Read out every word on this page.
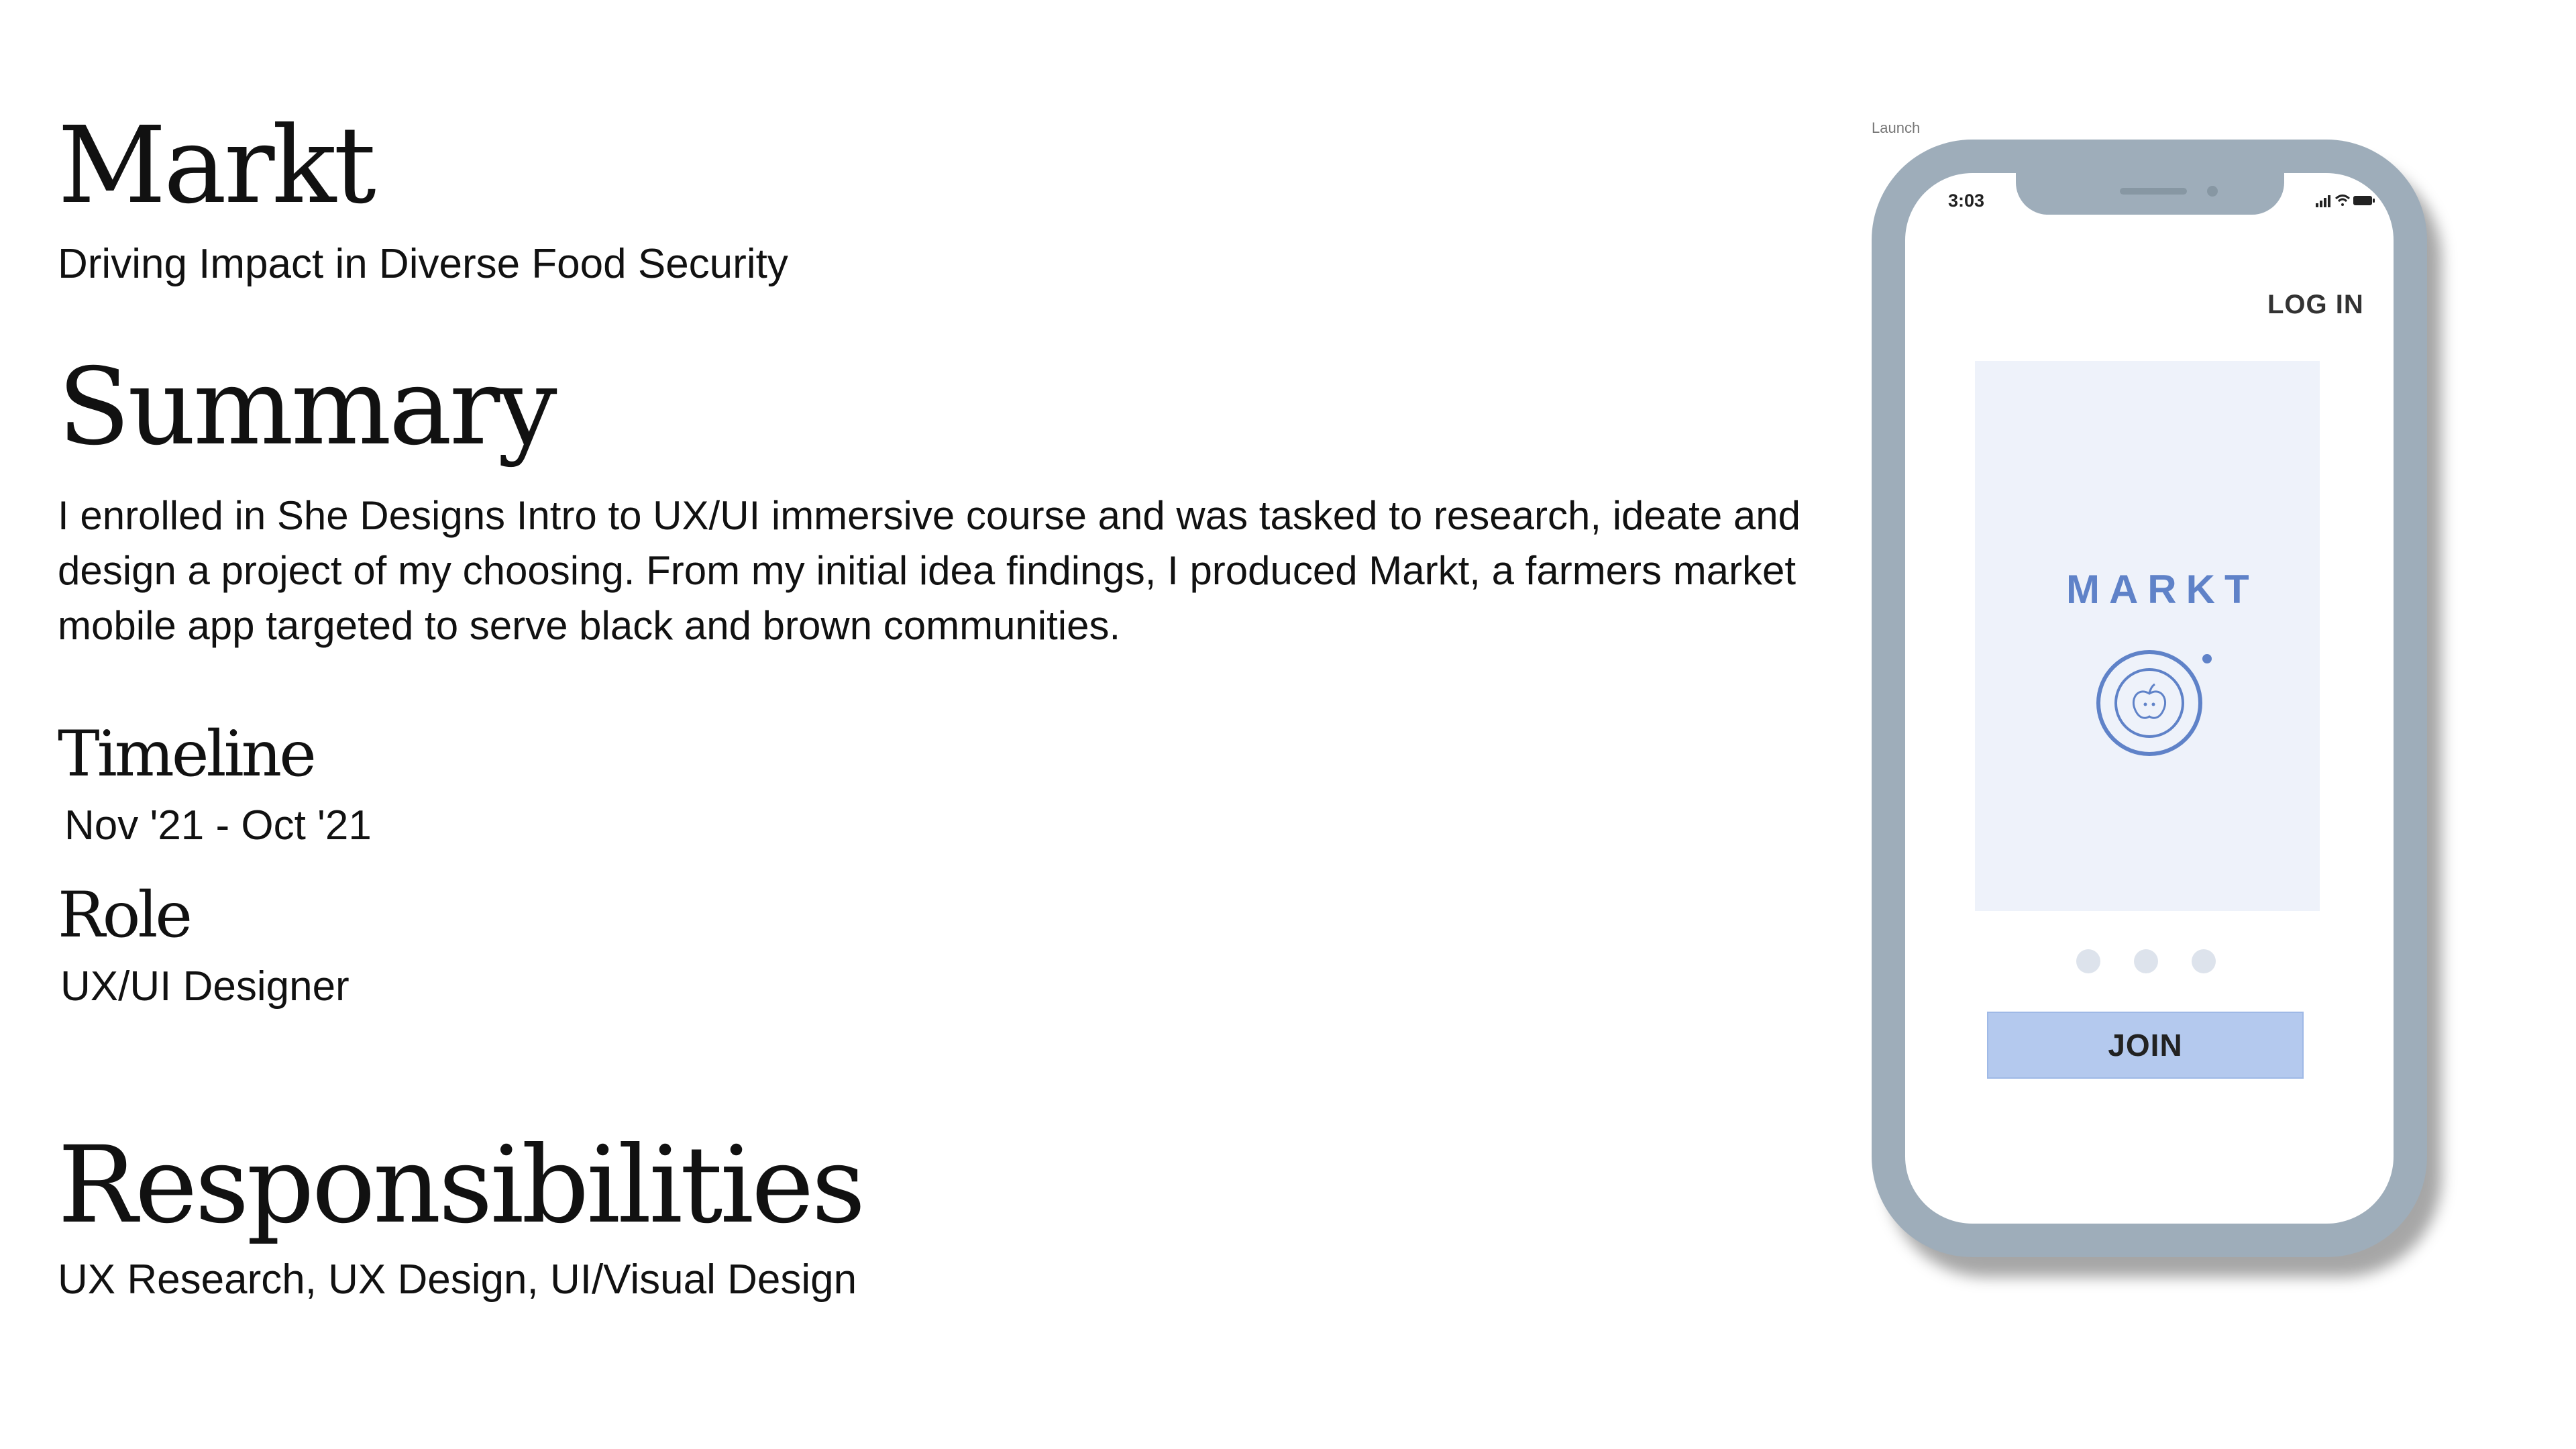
Markt
Driving Impact in Diverse Food Security
Summary
I enrolled in She Designs Intro to UX/UI immersive course and was tasked to research, ideate and design a project of my choosing. From my initial idea findings, I produced Markt, a farmers market mobile app targeted to serve black and brown communities.
Timeline
Nov '21 - Oct '21
Role
UX/UI Designer
Responsibilities
UX Research, UX Design, UI/Visual Design
Launch
3:03
LOG IN
MARKT
JOIN
